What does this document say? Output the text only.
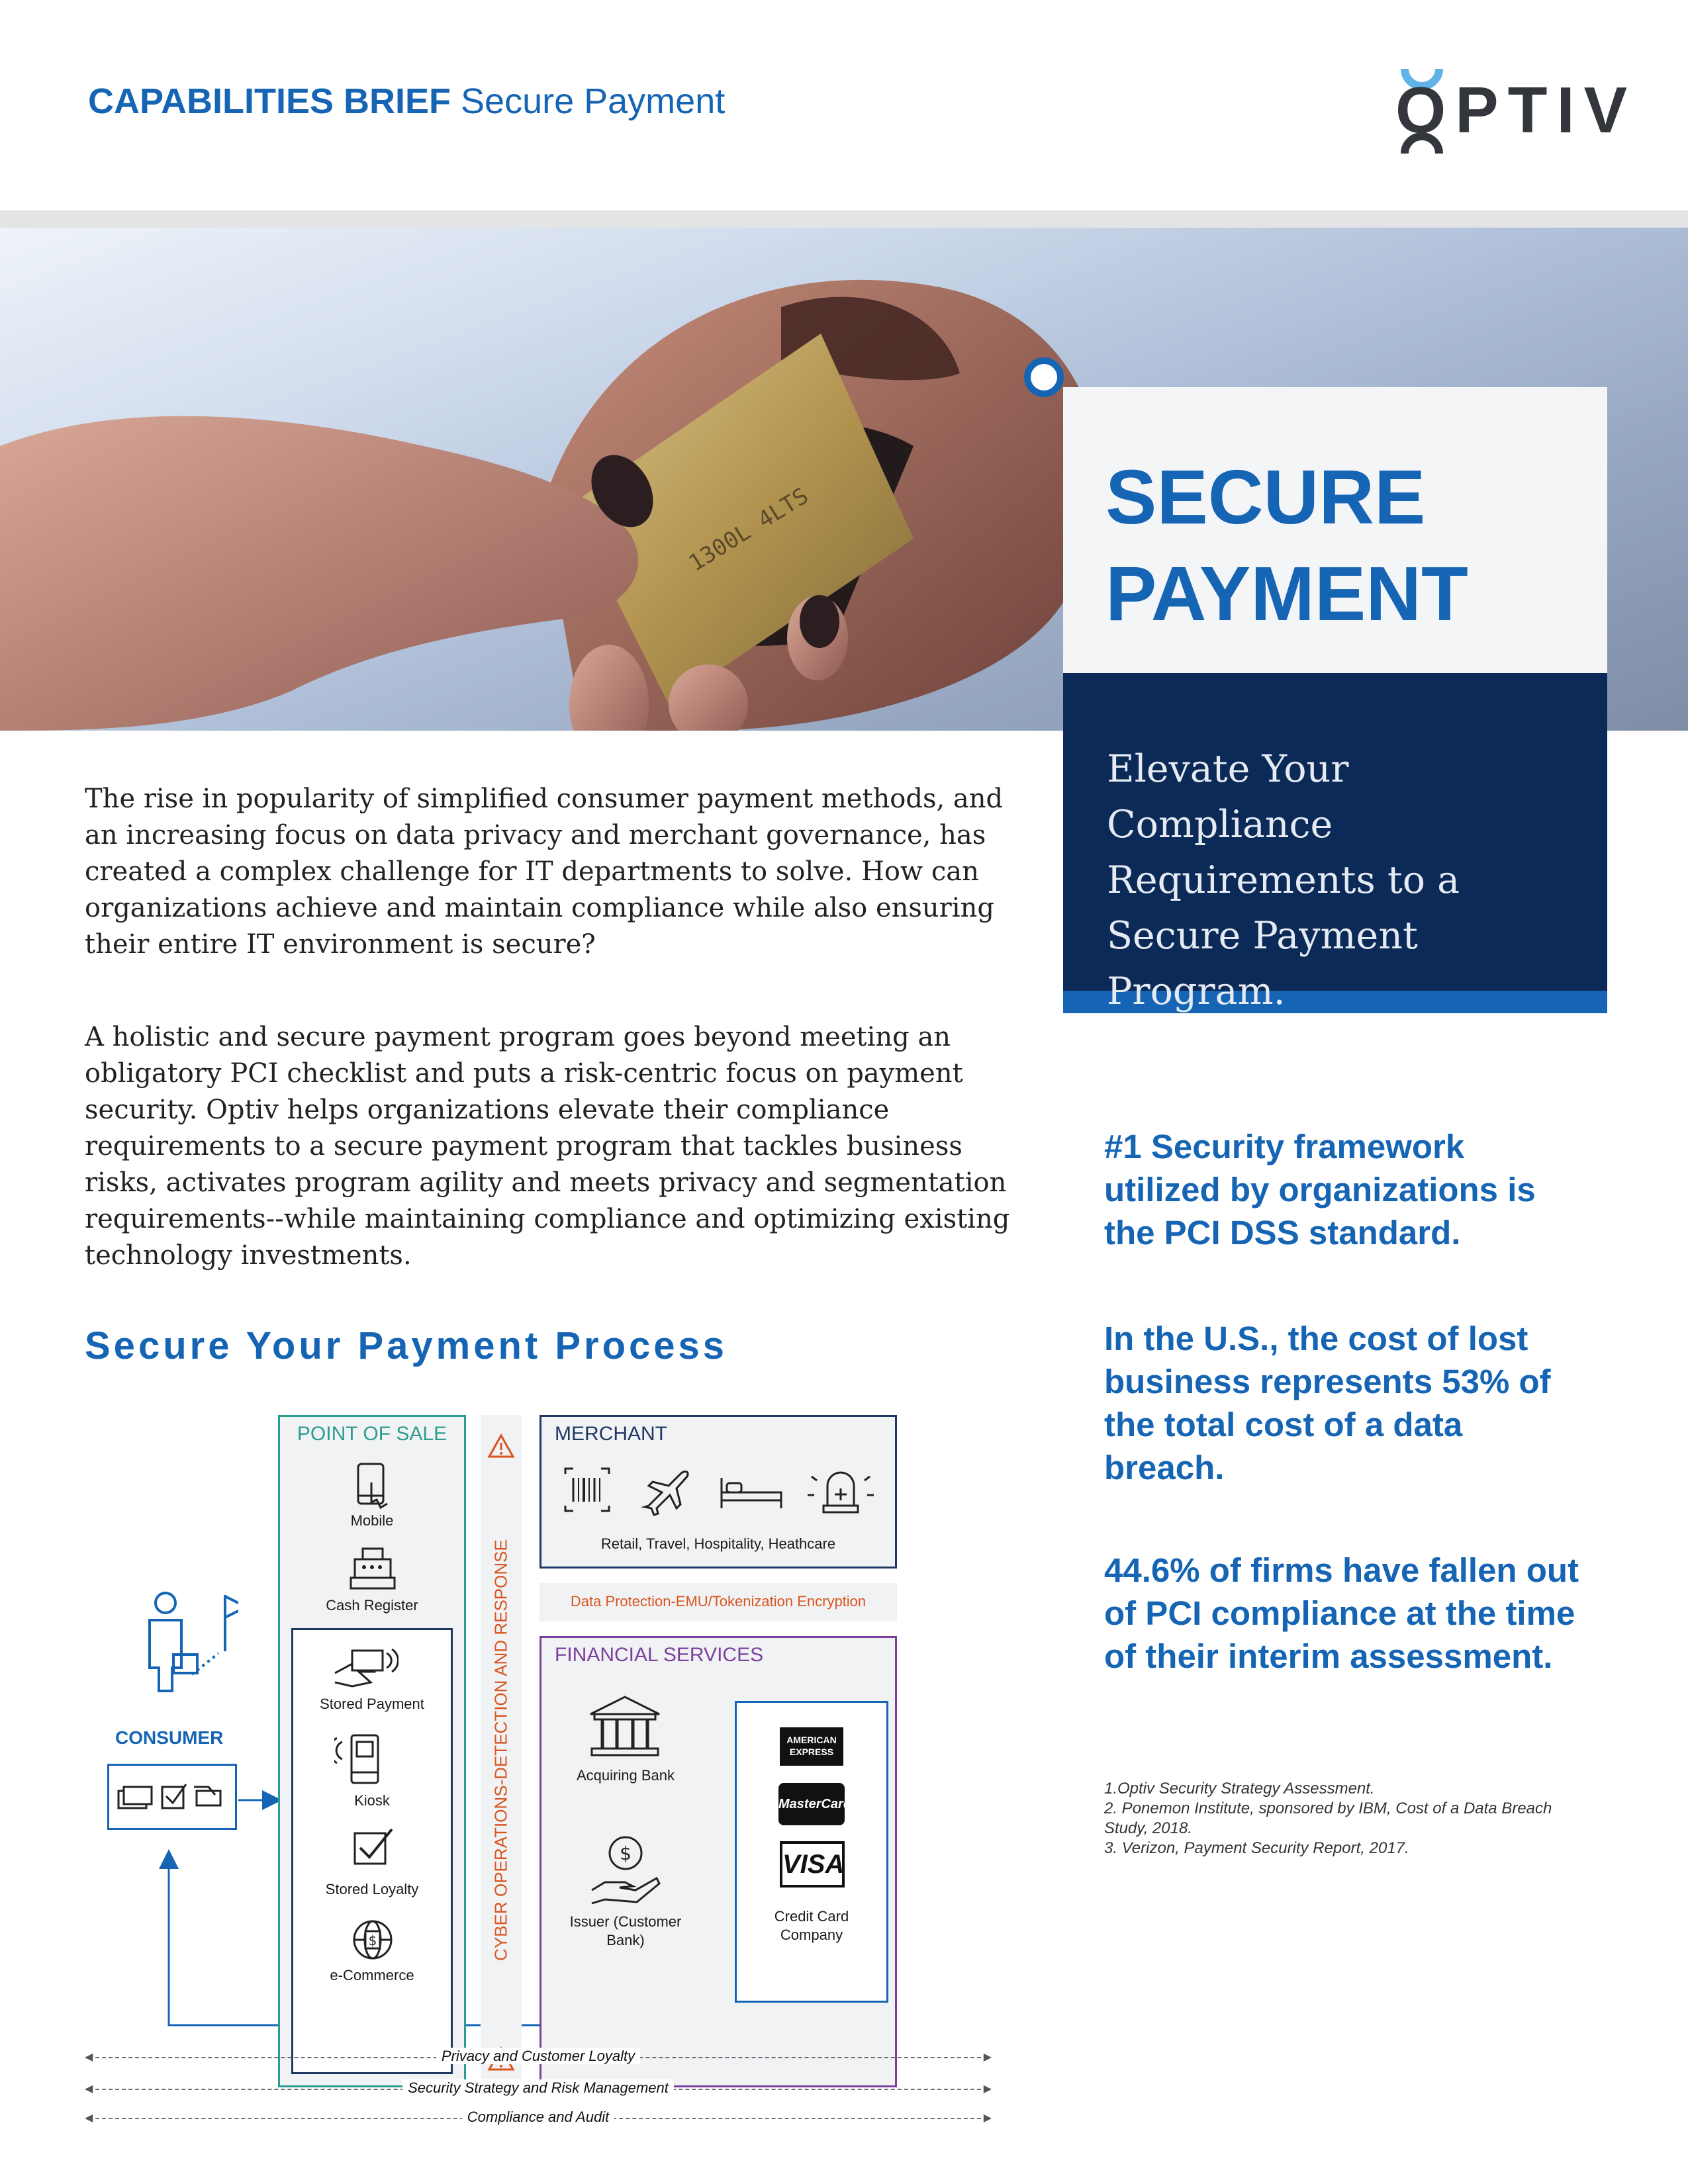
CAPABILITIES BRIEF Secure Payment	OPTIV
1300L 4LTS	SECURE
PAYMENT
Elevate Your Compliance Requirements to a Secure Payment Program.
The rise in popularity of simplified consumer payment methods, and an increasing focus on data privacy and merchant governance, has created a complex challenge for IT departments to solve. How can organizations achieve and maintain compliance while also ensuring their entire IT environment is secure?
A holistic and secure payment program goes beyond meeting an obligatory PCI checklist and puts a risk-centric focus on payment security. Optiv helps organizations elevate their compliance requirements to a secure payment program that tackles business risks, activates program agility and meets privacy and segmentation requirements--while maintaining compliance and optimizing existing technology investments.
#1 Security framework utilized by organizations is the PCI DSS standard.
In the U.S., the cost of lost business represents 53% of the total cost of a data breach.
44.6% of firms have fallen out of PCI compliance at the time of their interim assessment.
1.Optiv Security Strategy Assessment.
2. Ponemon Institute, sponsored by IBM, Cost of a Data Breach Study, 2018.
3. Verizon, Payment Security Report, 2017.
Secure Your Payment Process
CONSUMER
POINT OF SALE
Mobile
Cash Register
Stored Payment
Kiosk
Stored Loyalty
$
e-Commerce
CYBER OPERATIONS-DETECTION AND RESPONSE
MERCHANT
Retail, Travel, Hospitality, Heathcare
Data Protection-EMU/Tokenization Encryption
FINANCIAL SERVICES
Acquiring Bank
$
Issuer (Customer Bank)
AMERICAN EXPRESS
MasterCard
VISA
Credit Card Company
◀	▶
Privacy and Customer Loyalty
◀	▶
Security Strategy and Risk Management
◀	▶
Compliance and Audit
